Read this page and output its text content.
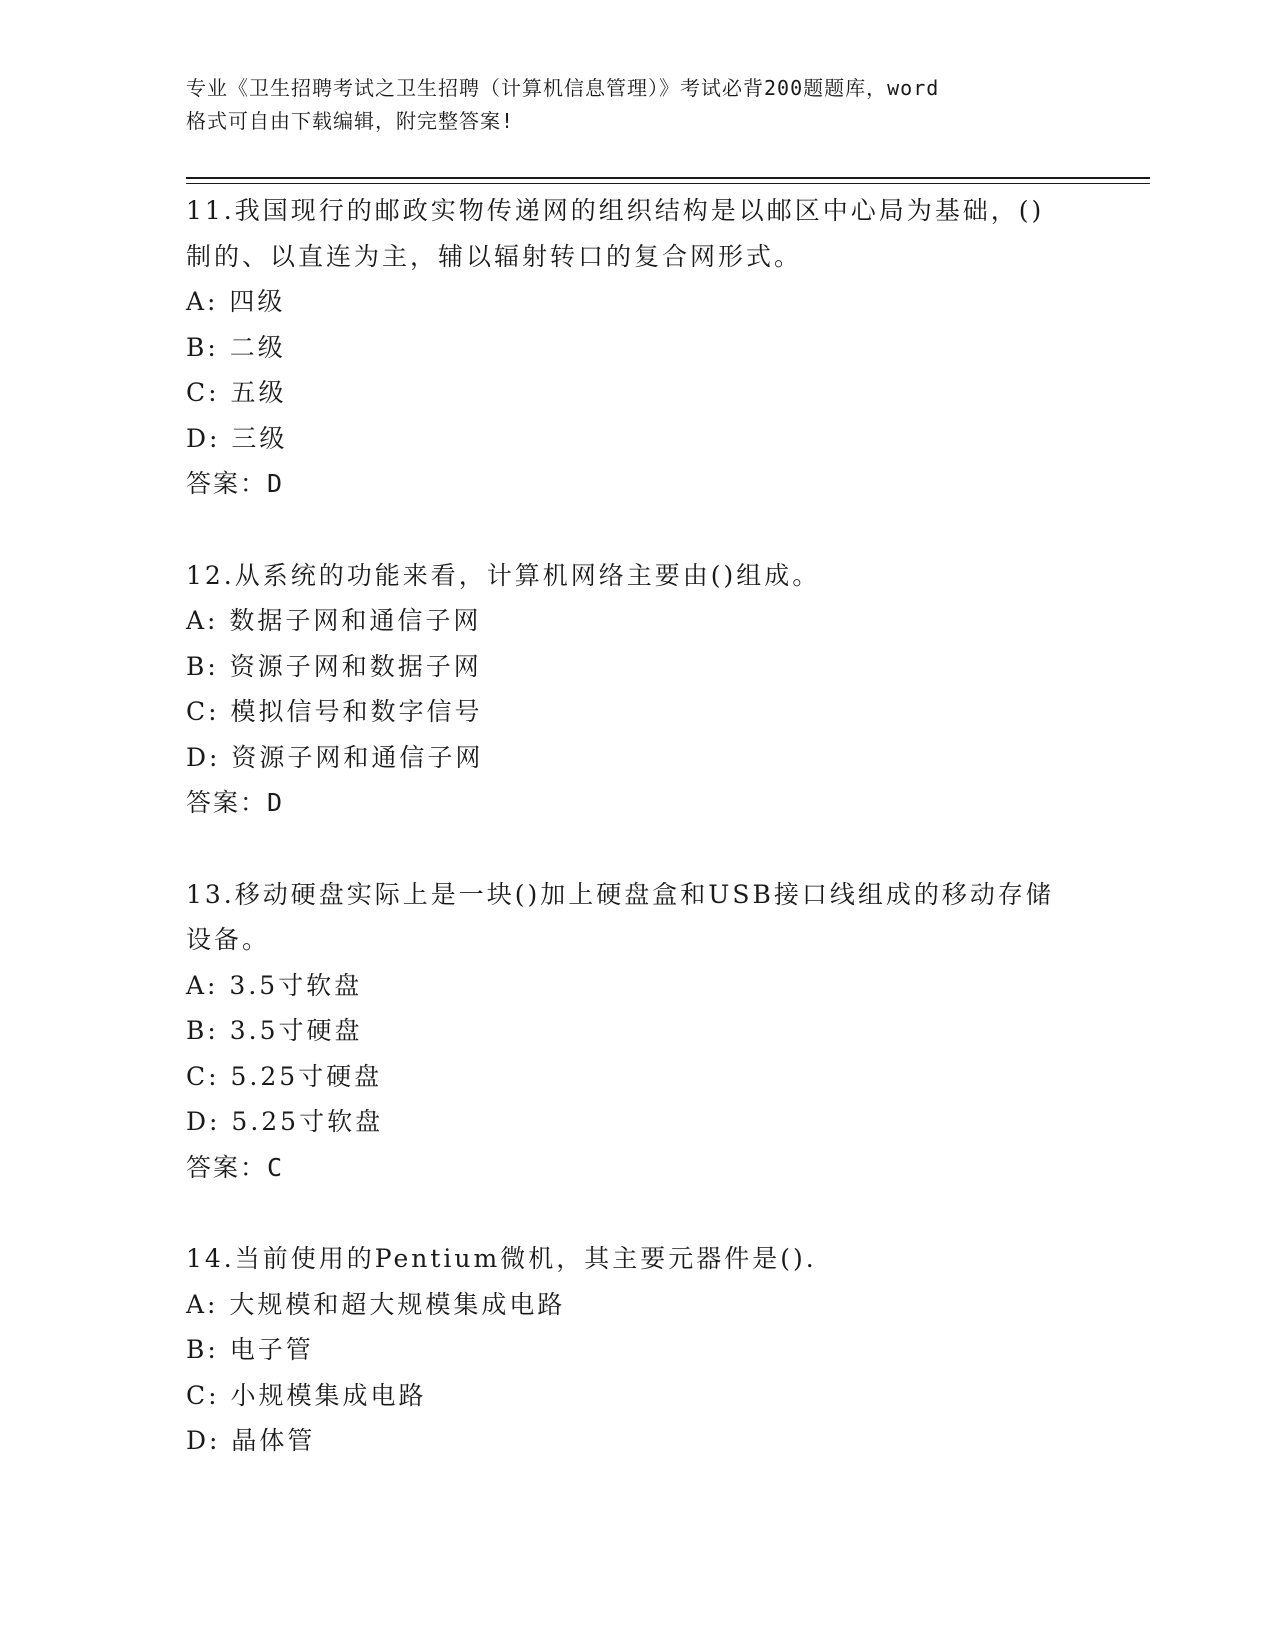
专业《卫生招聘考试之卫生招聘（计算机信息管理）》考试必背200题题库，word
格式可自由下载编辑，附完整答案!
11.我国现行的邮政实物传递网的组织结构是以邮区中心局为基础，()
制的、以直连为主，辅以辐射转口的复合网形式。
A: 四级
B: 二级
C: 五级
D: 三级
答案：D
12.从系统的功能来看，计算机网络主要由()组成。
A: 数据子网和通信子网
B: 资源子网和数据子网
C: 模拟信号和数字信号
D: 资源子网和通信子网
答案：D
13.移动硬盘实际上是一块()加上硬盘盒和USB接口线组成的移动存储
设备。
A: 3.5寸软盘
B: 3.5寸硬盘
C: 5.25寸硬盘
D: 5.25寸软盘
答案：C
14.当前使用的Pentium微机，其主要元器件是().
A: 大规模和超大规模集成电路
B: 电子管
C: 小规模集成电路
D: 晶体管
